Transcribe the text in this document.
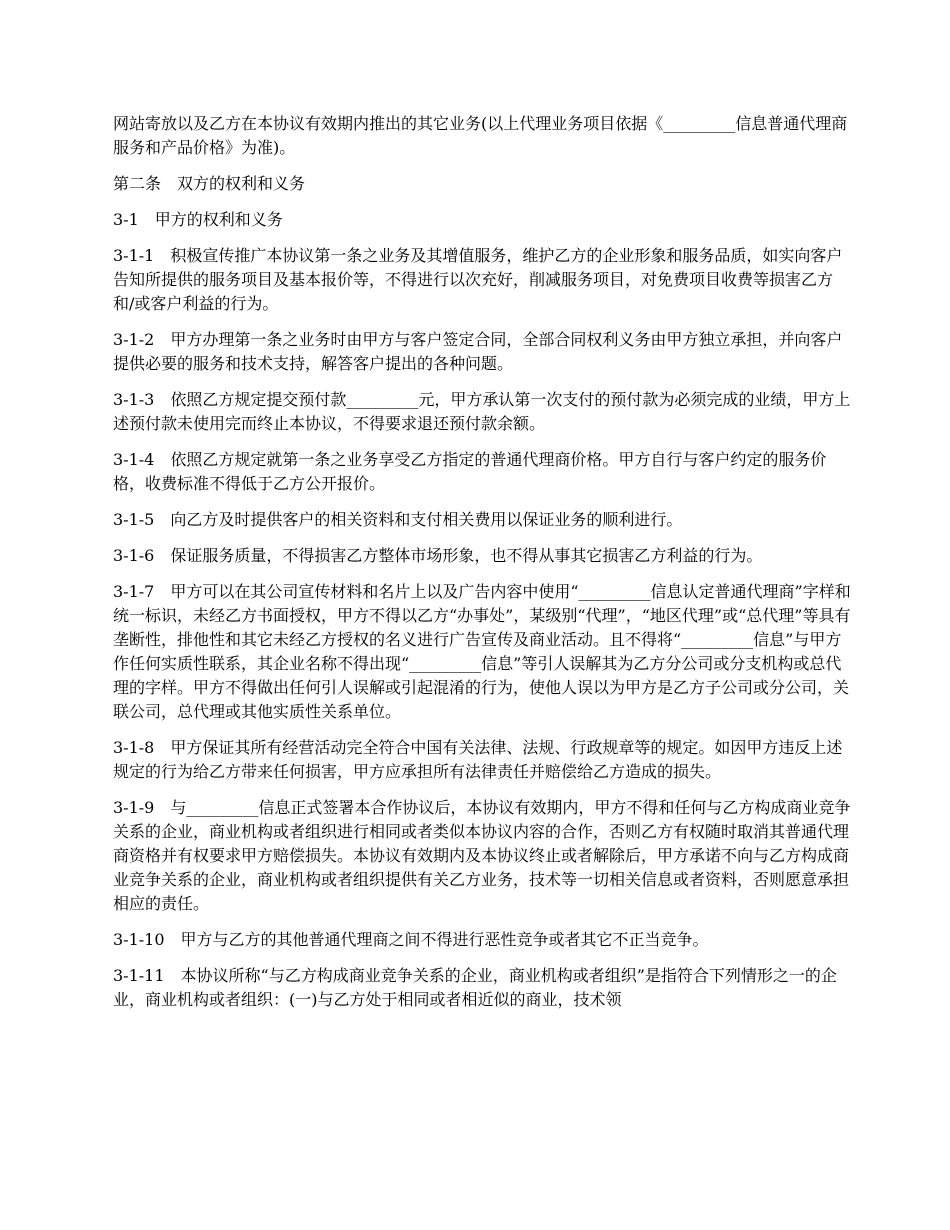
网站寄放以及乙方在本协议有效期内推出的其它业务(以上代理业务项目依据《_________信息普通代理商服务和产品价格》为准)。

第二条　双方的权利和义务

3-1　甲方的权利和义务

3-1-1　积极宣传推广本协议第一条之业务及其增值服务，维护乙方的企业形象和服务品质，如实向客户告知所提供的服务项目及基本报价等，不得进行以次充好，削减服务项目，对免费项目收费等损害乙方和/或客户利益的行为。

3-1-2　甲方办理第一条之业务时由甲方与客户签定合同，全部合同权利义务由甲方独立承担，并向客户提供必要的服务和技术支持，解答客户提出的各种问题。

3-1-3　依照乙方规定提交预付款_________元，甲方承认第一次支付的预付款为必须完成的业绩，甲方上述预付款未使用完而终止本协议，不得要求退还预付款余额。

3-1-4　依照乙方规定就第一条之业务享受乙方指定的普通代理商价格。甲方自行与客户约定的服务价格，收费标准不得低于乙方公开报价。

3-1-5　向乙方及时提供客户的相关资料和支付相关费用以保证业务的顺利进行。

3-1-6　保证服务质量，不得损害乙方整体市场形象，也不得从事其它损害乙方利益的行为。

3-1-7　甲方可以在其公司宣传材料和名片上以及广告内容中使用“_________信息认定普通代理商”字样和统一标识，未经乙方书面授权，甲方不得以乙方“办事处”，某级别“代理”，“地区代理”或“总代理”等具有垄断性，排他性和其它未经乙方授权的名义进行广告宣传及商业活动。且不得将“_________信息”与甲方作任何实质性联系，其企业名称不得出现“_________信息”等引人误解其为乙方分公司或分支机构或总代理的字样。甲方不得做出任何引人误解或引起混淆的行为，使他人误以为甲方是乙方子公司或分公司，关联公司，总代理或其他实质性关系单位。

3-1-8　甲方保证其所有经营活动完全符合中国有关法律、法规、行政规章等的规定。如因甲方违反上述规定的行为给乙方带来任何损害，甲方应承担所有法律责任并赔偿给乙方造成的损失。

3-1-9　与_________信息正式签署本合作协议后，本协议有效期内，甲方不得和任何与乙方构成商业竞争关系的企业，商业机构或者组织进行相同或者类似本协议内容的合作，否则乙方有权随时取消其普通代理商资格并有权要求甲方赔偿损失。本协议有效期内及本协议终止或者解除后，甲方承诺不向与乙方构成商业竞争关系的企业，商业机构或者组织提供有关乙方业务，技术等一切相关信息或者资料，否则愿意承担相应的责任。

3-1-10　甲方与乙方的其他普通代理商之间不得进行恶性竞争或者其它不正当竞争。

3-1-11　本协议所称“与乙方构成商业竞争关系的企业，商业机构或者组织”是指符合下列情形之一的企业，商业机构或者组织：(一)与乙方处于相同或者相近似的商业，技术领
